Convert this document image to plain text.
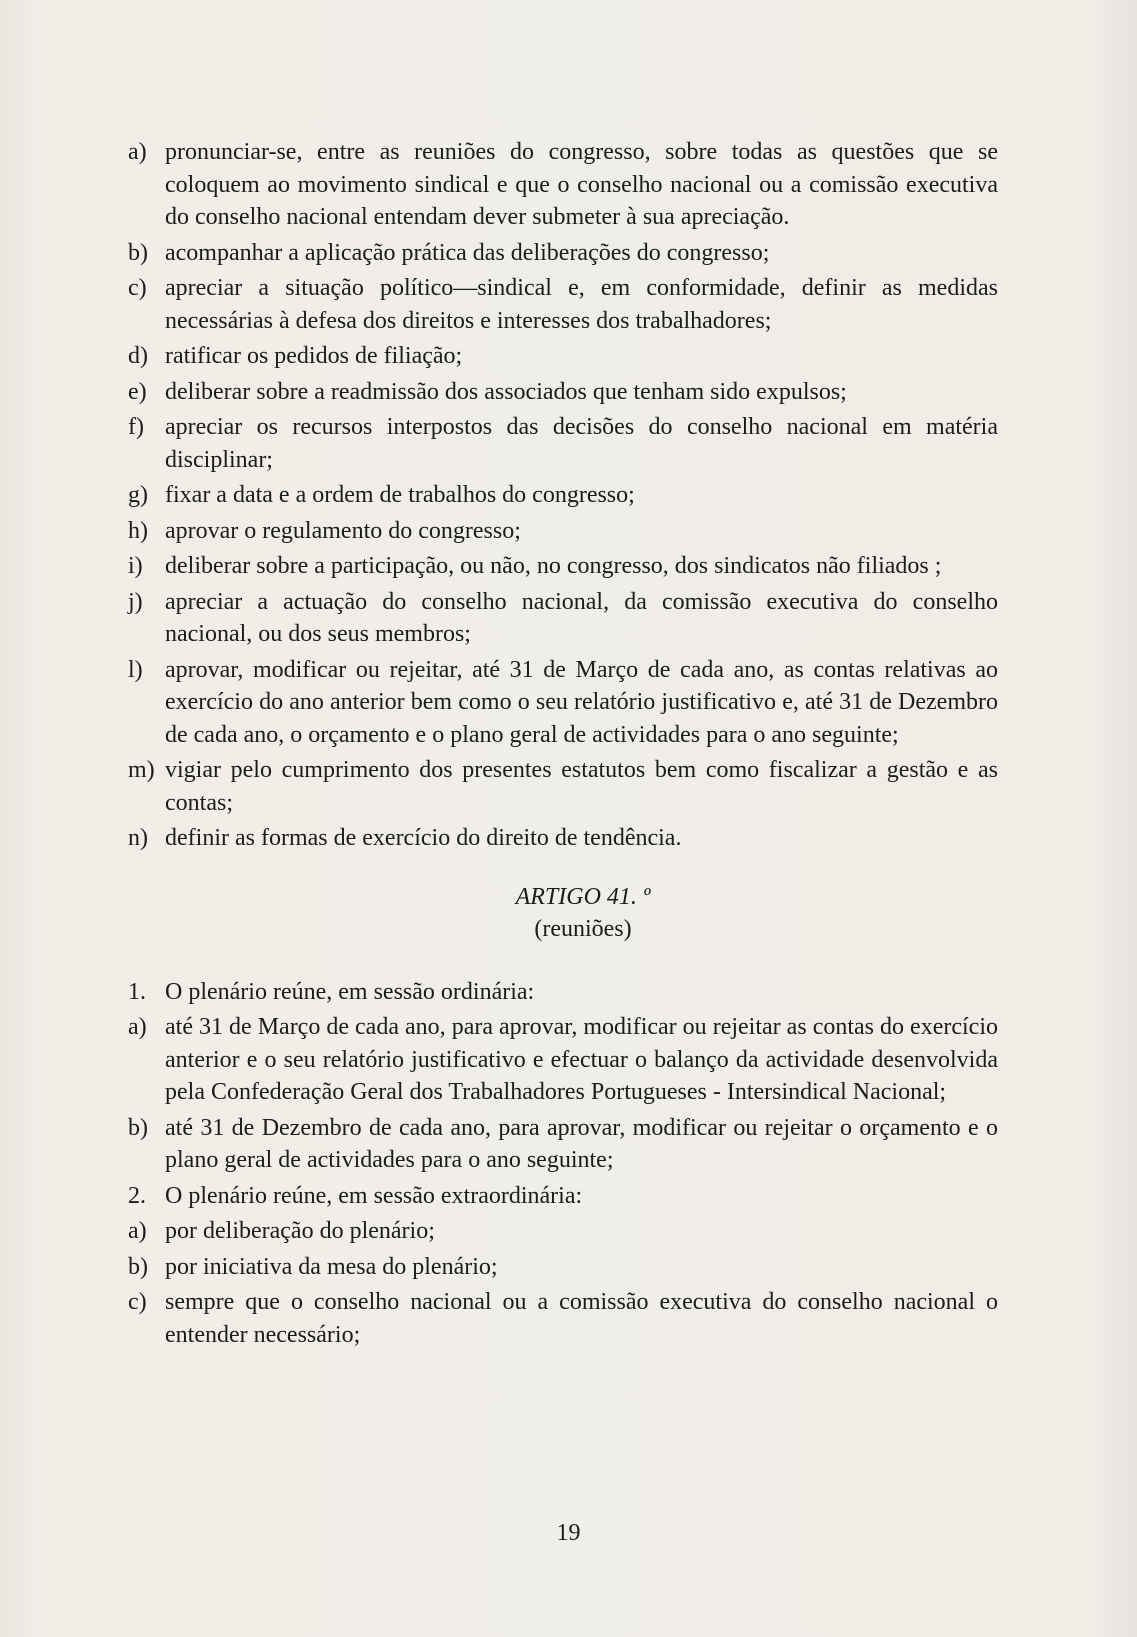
a) pronunciar-se, entre as reuniões do congresso, sobre todas as questões que se coloquem ao movimento sindical e que o conselho nacional ou a comissão executiva do conselho nacional entendam dever submeter à sua apreciação.
b) acompanhar a aplicação prática das deliberações do congresso;
c) apreciar a situação político—sindical e, em conformidade, definir as medidas necessárias à defesa dos direitos e interesses dos trabalhadores;
d) ratificar os pedidos de filiação;
e) deliberar sobre a readmissão dos associados que tenham sido expulsos;
f) apreciar os recursos interpostos das decisões do conselho nacional em matéria disciplinar;
g) fixar a data e a ordem de trabalhos do congresso;
h) aprovar o regulamento do congresso;
i) deliberar sobre a participação, ou não, no congresso, dos sindicatos não filiados ;
j) apreciar a actuação do conselho nacional, da comissão executiva do conselho nacional, ou dos seus membros;
l) aprovar, modificar ou rejeitar, até 31 de Março de cada ano, as contas relativas ao exercício do ano anterior bem como o seu relatório justificativo e, até 31 de Dezembro de cada ano, o orçamento e o plano geral de actividades para o ano seguinte;
m) vigiar pelo cumprimento dos presentes estatutos bem como fiscalizar a gestão e as contas;
n) definir as formas de exercício do direito de tendência.
ARTIGO 41. º
(reuniões)
1. O plenário reúne, em sessão ordinária:
a) até 31 de Março de cada ano, para aprovar, modificar ou rejeitar as contas do exercício anterior e o seu relatório justificativo e efectuar o balanço da actividade desenvolvida pela Confederação Geral dos Trabalhadores Portugueses - Intersindical Nacional;
b) até 31 de Dezembro de cada ano, para aprovar, modificar ou rejeitar o orçamento e o plano geral de actividades para o ano seguinte;
2. O plenário reúne, em sessão extraordinária:
a) por deliberação do plenário;
b) por iniciativa da mesa do plenário;
c) sempre que o conselho nacional ou a comissão executiva do conselho nacional o entender necessário;
19
